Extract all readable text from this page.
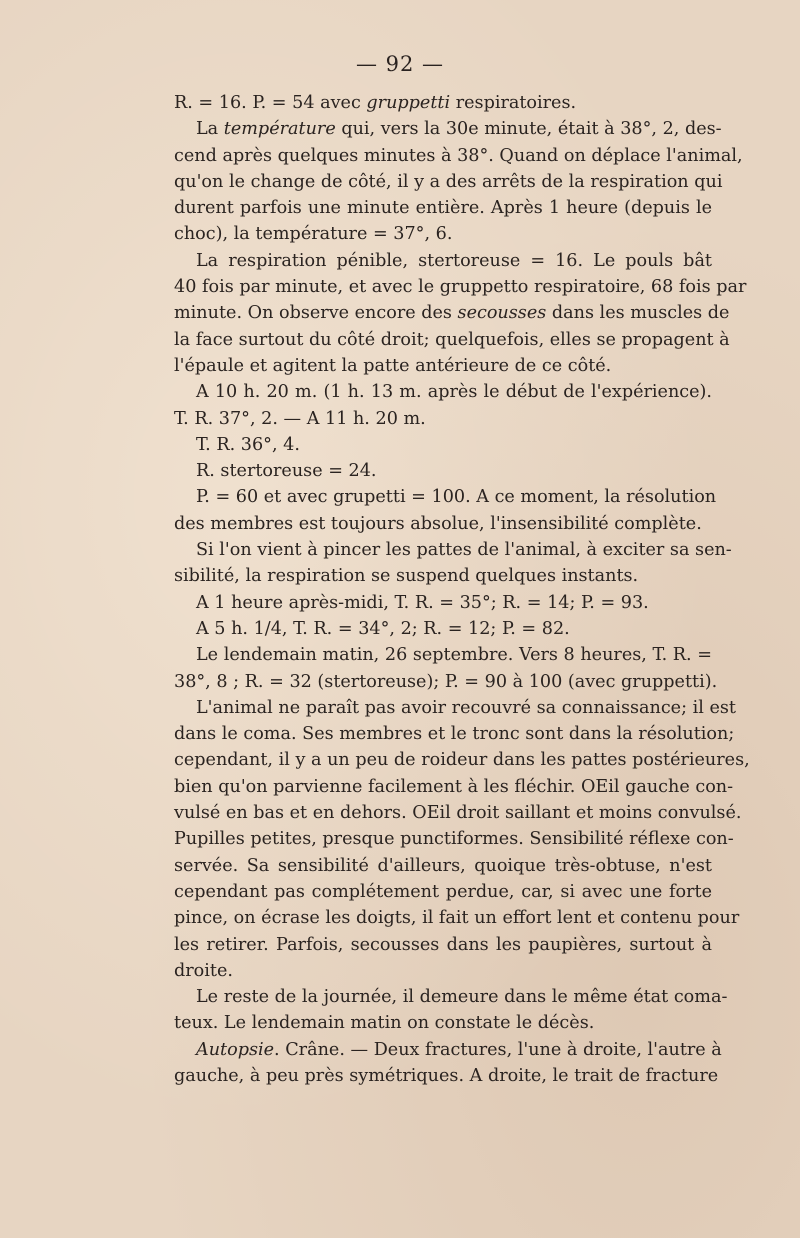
— 92 —
R. = 16. P. = 54 avec gruppetti respiratoires.
La température qui, vers la 30e minute, était à 38°, 2, des-
cend après quelques minutes à 38°. Quand on déplace l'animal,
qu'on le change de côté, il y a des arrêts de la respiration qui
durent parfois une minute entière. Après 1 heure (depuis le
choc), la température = 37°, 6.
La respiration pénible, stertoreuse = 16. Le pouls bât
40 fois par minute, et avec le gruppetto respiratoire, 68 fois par
minute. On observe encore des secousses dans les muscles de
la face surtout du côté droit; quelquefois, elles se propagent à
l'épaule et agitent la patte antérieure de ce côté.
A 10 h. 20 m. (1 h. 13 m. après le début de l'expérience).
T. R. 37°, 2. — A 11 h. 20 m.
T. R. 36°, 4.
R. stertoreuse = 24.
P. = 60 et avec grupetti = 100. A ce moment, la résolution
des membres est toujours absolue, l'insensibilité complète.
Si l'on vient à pincer les pattes de l'animal, à exciter sa sen-
sibilité, la respiration se suspend quelques instants.
A 1 heure après-midi, T. R. = 35°; R. = 14; P. = 93.
A 5 h. 1/4, T. R. = 34°, 2; R. = 12; P. = 82.
Le lendemain matin, 26 septembre. Vers 8 heures, T. R. =
38°, 8 ; R. = 32 (stertoreuse); P. = 90 à 100 (avec gruppetti).
L'animal ne paraît pas avoir recouvré sa connaissance; il est
dans le coma. Ses membres et le tronc sont dans la résolution;
cependant, il y a un peu de roideur dans les pattes postérieures,
bien qu'on parvienne facilement à les fléchir. OEil gauche con-
vulsé en bas et en dehors. OEil droit saillant et moins convulsé.
Pupilles petites, presque punctiformes. Sensibilité réflexe con-
servée. Sa sensibilité d'ailleurs, quoique très-obtuse, n'est
cependant pas complétement perdue, car, si avec une forte
pince, on écrase les doigts, il fait un effort lent et contenu pour
les retirer. Parfois, secousses dans les paupières, surtout à
droite.
Le reste de la journée, il demeure dans le même état coma-
teux. Le lendemain matin on constate le décès.
Autopsie. Crâne. — Deux fractures, l'une à droite, l'autre à
gauche, à peu près symétriques. A droite, le trait de fracture
